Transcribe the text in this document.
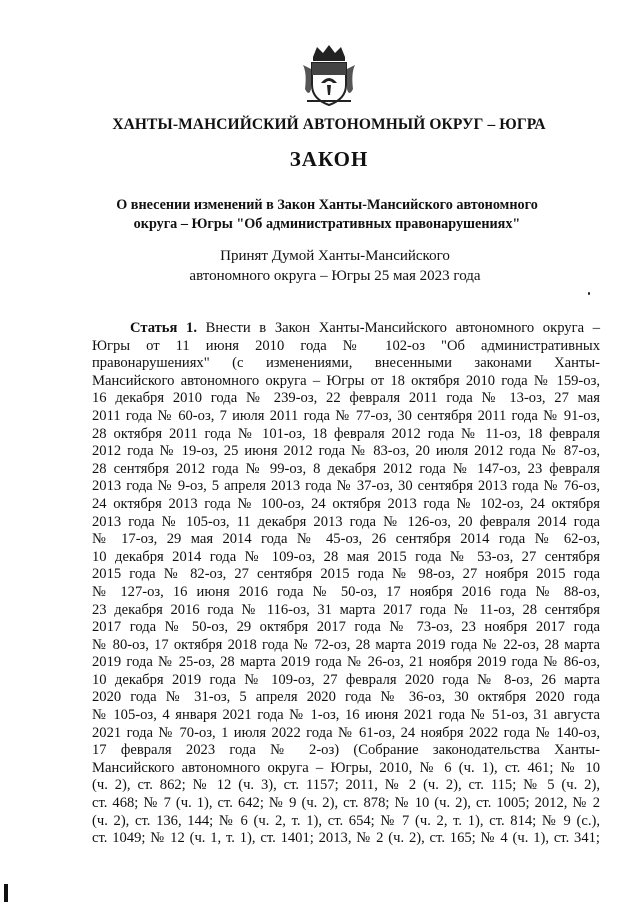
ХАНТЫ-МАНСИЙСКИЙ АВТОНОМНЫЙ ОКРУГ – ЮГРА
ЗАКОН
О внесении изменений в Закон Ханты-Мансийского автономного
округа – Югры "Об административных правонарушениях"
Принят Думой Ханты-Мансийского
автономного округа – Югры 25 мая 2023 года
Статья 1. Внести в Закон Ханты-Мансийского автономного округа –
Югры от 11 июня 2010 года № 102-оз "Об административных
правонарушениях" (с изменениями, внесенными законами Ханты-
Мансийского автономного округа – Югры от 18 октября 2010 года № 159-оз,
16 декабря 2010 года № 239-оз, 22 февраля 2011 года № 13-оз, 27 мая
2011 года № 60-оз, 7 июля 2011 года № 77-оз, 30 сентября 2011 года № 91-оз,
28 октября 2011 года № 101-оз, 18 февраля 2012 года № 11-оз, 18 февраля
2012 года № 19-оз, 25 июня 2012 года № 83-оз, 20 июля 2012 года № 87-оз,
28 сентября 2012 года № 99-оз, 8 декабря 2012 года № 147-оз, 23 февраля
2013 года № 9-оз, 5 апреля 2013 года № 37-оз, 30 сентября 2013 года № 76-оз,
24 октября 2013 года № 100-оз, 24 октября 2013 года № 102-оз, 24 октября
2013 года № 105-оз, 11 декабря 2013 года № 126-оз, 20 февраля 2014 года
№ 17-оз, 29 мая 2014 года № 45-оз, 26 сентября 2014 года № 62-оз,
10 декабря 2014 года № 109-оз, 28 мая 2015 года № 53-оз, 27 сентября
2015 года № 82-оз, 27 сентября 2015 года № 98-оз, 27 ноября 2015 года
№ 127-оз, 16 июня 2016 года № 50-оз, 17 ноября 2016 года № 88-оз,
23 декабря 2016 года № 116-оз, 31 марта 2017 года № 11-оз, 28 сентября
2017 года № 50-оз, 29 октября 2017 года № 73-оз, 23 ноября 2017 года
№ 80-оз, 17 октября 2018 года № 72-оз, 28 марта 2019 года № 22-оз, 28 марта
2019 года № 25-оз, 28 марта 2019 года № 26-оз, 21 ноября 2019 года № 86-оз,
10 декабря 2019 года № 109-оз, 27 февраля 2020 года № 8-оз, 26 марта
2020 года № 31-оз, 5 апреля 2020 года № 36-оз, 30 октября 2020 года
№ 105-оз, 4 января 2021 года № 1-оз, 16 июня 2021 года № 51-оз, 31 августа
2021 года № 70-оз, 1 июля 2022 года № 61-оз, 24 ноября 2022 года № 140-оз,
17 февраля 2023 года № 2-оз) (Собрание законодательства Ханты-
Мансийского автономного округа – Югры, 2010, № 6 (ч. 1), ст. 461; № 10
(ч. 2), ст. 862; № 12 (ч. 3), ст. 1157; 2011, № 2 (ч. 2), ст. 115; № 5 (ч. 2),
ст. 468; № 7 (ч. 1), ст. 642; № 9 (ч. 2), ст. 878; № 10 (ч. 2), ст. 1005; 2012, № 2
(ч. 2), ст. 136, 144; № 6 (ч. 2, т. 1), ст. 654; № 7 (ч. 2, т. 1), ст. 814; № 9 (с.),
ст. 1049; № 12 (ч. 1, т. 1), ст. 1401; 2013, № 2 (ч. 2), ст. 165; № 4 (ч. 1), ст. 341;
